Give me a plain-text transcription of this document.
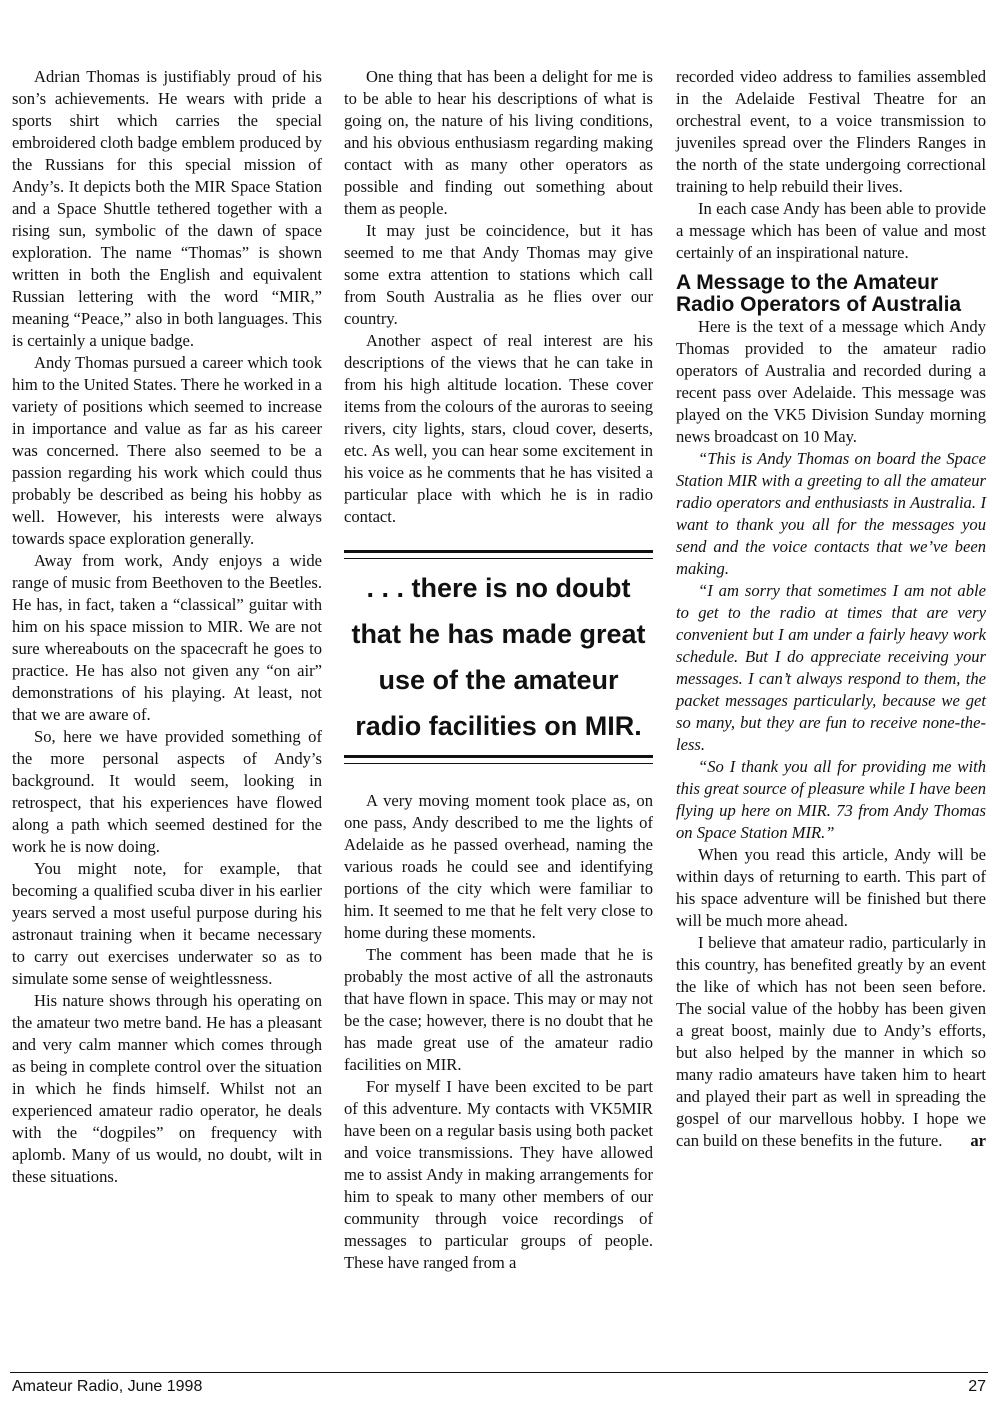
Adrian Thomas is justifiably proud of his son’s achievements. He wears with pride a sports shirt which carries the special embroidered cloth badge emblem produced by the Russians for this special mission of Andy’s. It depicts both the MIR Space Station and a Space Shuttle tethered together with a rising sun, symbolic of the dawn of space exploration. The name “Thomas” is shown written in both the English and equivalent Russian lettering with the word “MIR,” meaning “Peace,” also in both languages. This is certainly a unique badge.

Andy Thomas pursued a career which took him to the United States. There he worked in a variety of positions which seemed to increase in importance and value as far as his career was concerned. There also seemed to be a passion regarding his work which could thus probably be described as being his hobby as well. However, his interests were always towards space exploration generally.

Away from work, Andy enjoys a wide range of music from Beethoven to the Beetles. He has, in fact, taken a “classical” guitar with him on his space mission to MIR. We are not sure whereabouts on the spacecraft he goes to practice. He has also not given any “on air” demonstrations of his playing. At least, not that we are aware of.

So, here we have provided something of the more personal aspects of Andy’s background. It would seem, looking in retrospect, that his experiences have flowed along a path which seemed destined for the work he is now doing.

You might note, for example, that becoming a qualified scuba diver in his earlier years served a most useful purpose during his astronaut training when it became necessary to carry out exercises underwater so as to simulate some sense of weightlessness.

His nature shows through his operating on the amateur two metre band. He has a pleasant and very calm manner which comes through as being in complete control over the situation in which he finds himself. Whilst not an experienced amateur radio operator, he deals with the “dogpiles” on frequency with aplomb. Many of us would, no doubt, wilt in these situations.

One thing that has been a delight for me is to be able to hear his descriptions of what is going on, the nature of his living conditions, and his obvious enthusiasm regarding making contact with as many other operators as possible and finding out something about them as people.

It may just be coincidence, but it has seemed to me that Andy Thomas may give some extra attention to stations which call from South Australia as he flies over our country.

Another aspect of real interest are his descriptions of the views that he can take in from his high altitude location. These cover items from the colours of the auroras to seeing rivers, city lights, stars, cloud cover, deserts, etc. As well, you can hear some excitement in his voice as he comments that he has visited a particular place with which he is in radio contact.

. . . there is no doubt
that he has made great
use of the amateur
radio facilities on MIR.

A very moving moment took place as, on one pass, Andy described to me the lights of Adelaide as he passed overhead, naming the various roads he could see and identifying portions of the city which were familiar to him. It seemed to me that he felt very close to home during these moments.

The comment has been made that he is probably the most active of all the astronauts that have flown in space. This may or may not be the case; however, there is no doubt that he has made great use of the amateur radio facilities on MIR.

For myself I have been excited to be part of this adventure. My contacts with VK5MIR have been on a regular basis using both packet and voice transmissions. They have allowed me to assist Andy in making arrangements for him to speak to many other members of our community through voice recordings of messages to particular groups of people. These have ranged from a

recorded video address to families assembled in the Adelaide Festival Theatre for an orchestral event, to a voice transmission to juveniles spread over the Flinders Ranges in the north of the state undergoing correctional training to help rebuild their lives.

In each case Andy has been able to provide a message which has been of value and most certainly of an inspirational nature.

A Message to the Amateur Radio Operators of Australia

Here is the text of a message which Andy Thomas provided to the amateur radio operators of Australia and recorded during a recent pass over Adelaide. This message was played on the VK5 Division Sunday morning news broadcast on 10 May.

“This is Andy Thomas on board the Space Station MIR with a greeting to all the amateur radio operators and enthusiasts in Australia. I want to thank you all for the messages you send and the voice contacts that we’ve been making.

“I am sorry that sometimes I am not able to get to the radio at times that are very convenient but I am under a fairly heavy work schedule. But I do appreciate receiving your messages. I can’t always respond to them, the packet messages particularly, because we get so many, but they are fun to receive none-the-less.

“So I thank you all for providing me with this great source of pleasure while I have been flying up here on MIR. 73 from Andy Thomas on Space Station MIR.”

When you read this article, Andy will be within days of returning to earth. This part of his space adventure will be finished but there will be much more ahead.

I believe that amateur radio, particularly in this country, has benefited greatly by an event the like of which has not been seen before. The social value of the hobby has been given a great boost, mainly due to Andy’s efforts, but also helped by the manner in which so many radio amateurs have taken him to heart and played their part as well in spreading the gospel of our marvellous hobby. I hope we can build on these benefits in the future.	ar

Amateur Radio, June 1998	27
